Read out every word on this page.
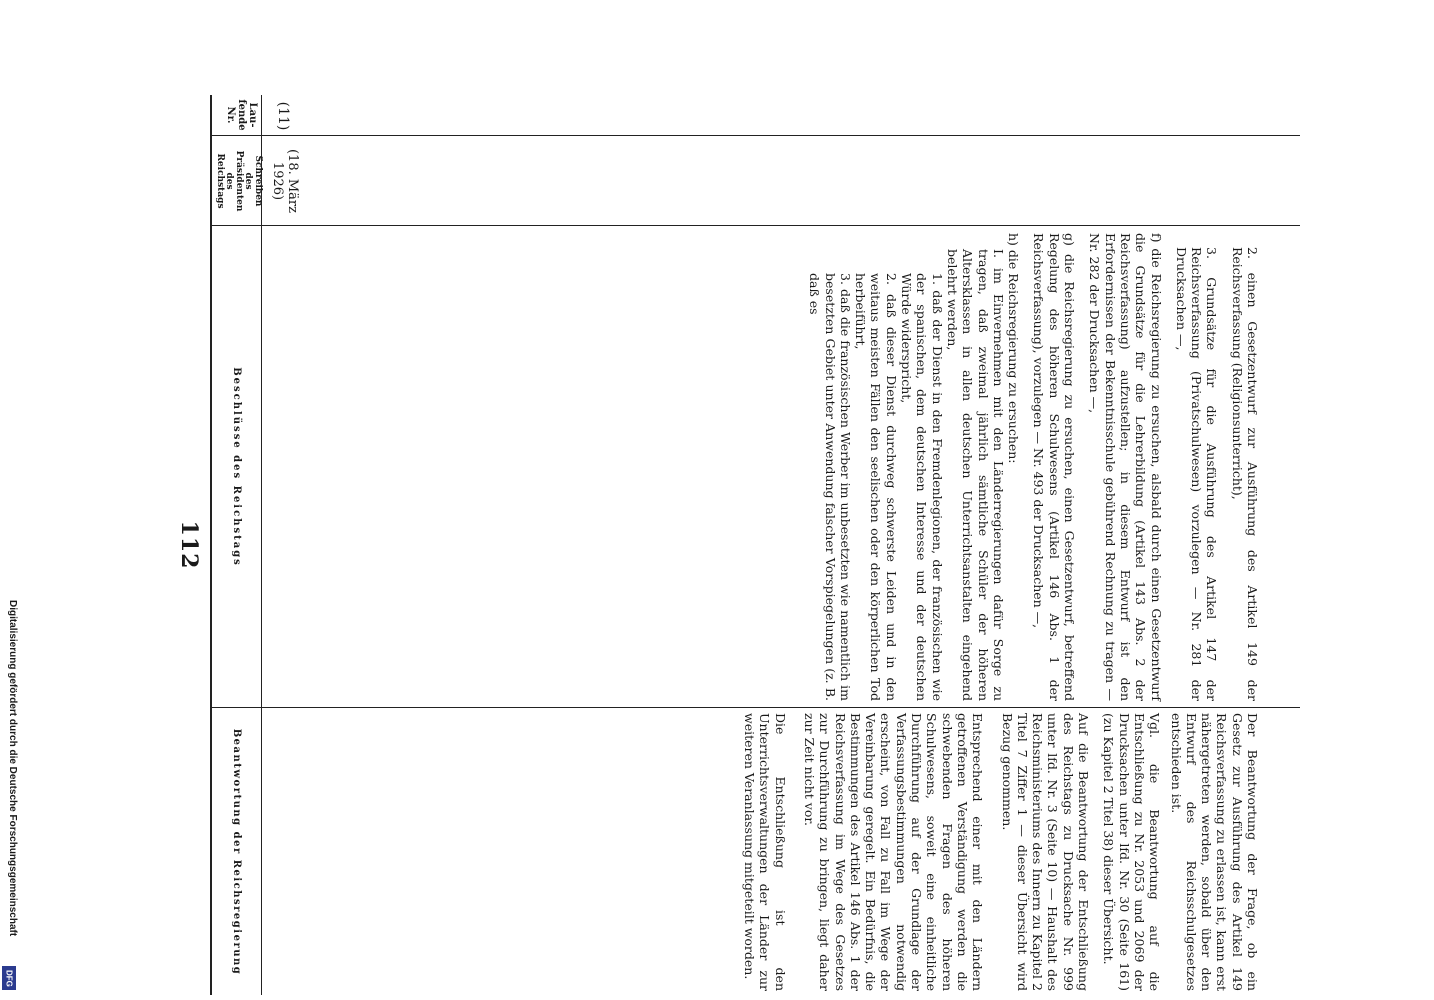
112
Lau-
fende
Nr.
Schreiben
des
Präsidenten
des
Reichstags
Beschlüsse des Reichstags
Beantwortung der Reichsregierung
(11)
(18. März
1926)

2. einen Gesetzentwurf zur Ausführung des Artikel 149 der Reichsverfassung (Religionsunterricht),

3. Grundsätze für die Ausführung des Artikel 147 der Reichsverfassung (Privatschulwesen) vorzulegen — Nr. 281 der Drucksachen —,

f) die Reichsregierung zu ersuchen, alsbald durch einen Gesetzentwurf die Grundsätze für die Lehrerbildung (Artikel 143 Abs. 2 der Reichsverfassung) aufzustellen; in diesem Entwurf ist den Erfordernissen der Bekenntnisschule gebührend Rechnung zu tragen — Nr. 282 der Drucksachen —,

g) die Reichsregierung zu ersuchen, einen Gesetzentwurf, betreffend Regelung des höheren Schulwesens (Artikel 146 Abs. 1 der Reichsverfassung), vorzulegen — Nr. 493 der Drucksachen —,

h) die Reichsregierung zu ersuchen:

I. im Einvernehmen mit den Länderregierungen dafür Sorge zu tragen, daß zweimal jährlich sämtliche Schüler der höheren Altersklassen in allen deutschen Unterrichtsanstalten eingehend belehrt werden,

1. daß der Dienst in den Fremdenlegionen, der französischen wie der spanischen, dem deutschen Interesse und der deutschen Würde widerspricht,

2. daß dieser Dienst durchweg schwerste Leiden und in den weitaus meisten Fällen den seelischen oder den körperlichen Tod herbeiführt,

3. daß die französischen Werber im unbesetzten wie namentlich im besetzten Gebiet unter Anwendung falscher Vorspiegelungen (z. B. daß es

Der Beantwortung der Frage, ob ein Gesetz zur Ausführung des Artikel 149 Reichsverfassung zu erlassen ist, kann erst nähergetreten werden, sobald über den Entwurf des Reichsschulgesetzes entschieden ist.

Vgl. die Beantwortung auf die Entschließung zu Nr. 2053 und 2069 der Drucksachen unter lfd. Nr. 30 (Seite 161) (zu Kapitel 2 Titel 38) dieser Übersicht.

Auf die Beantwortung der Entschließung des Reichstags zu Drucksache Nr. 999 unter lfd. Nr. 3 (Seite 10) — Haushalt des Reichsministeriums des Innern zu Kapitel 2 Titel 7 Ziffer 1 — dieser Übersicht wird Bezug genommen.

Entsprechend einer mit den Ländern getroffenen Verständigung werden die schwebenden Fragen des höheren Schulwesens, soweit eine einheitliche Durchführung auf der Grundlage der Verfassungsbestimmungen notwendig erscheint, von Fall zu Fall im Wege der Vereinbarung geregelt. Ein Bedürfnis, die Bestimmungen des Artikel 146 Abs. 1 der Reichsverfassung im Wege des Gesetzes zur Durchführung zu bringen, liegt daher zur Zeit nicht vor.

Die Entschließung ist den Unterrichtsverwaltungen der Länder zur weiteren Veranlassung mitgeteilt worden.

Digitalisierung gefördert durch die Deutsche Forschungsgemeinschaft
DFG
